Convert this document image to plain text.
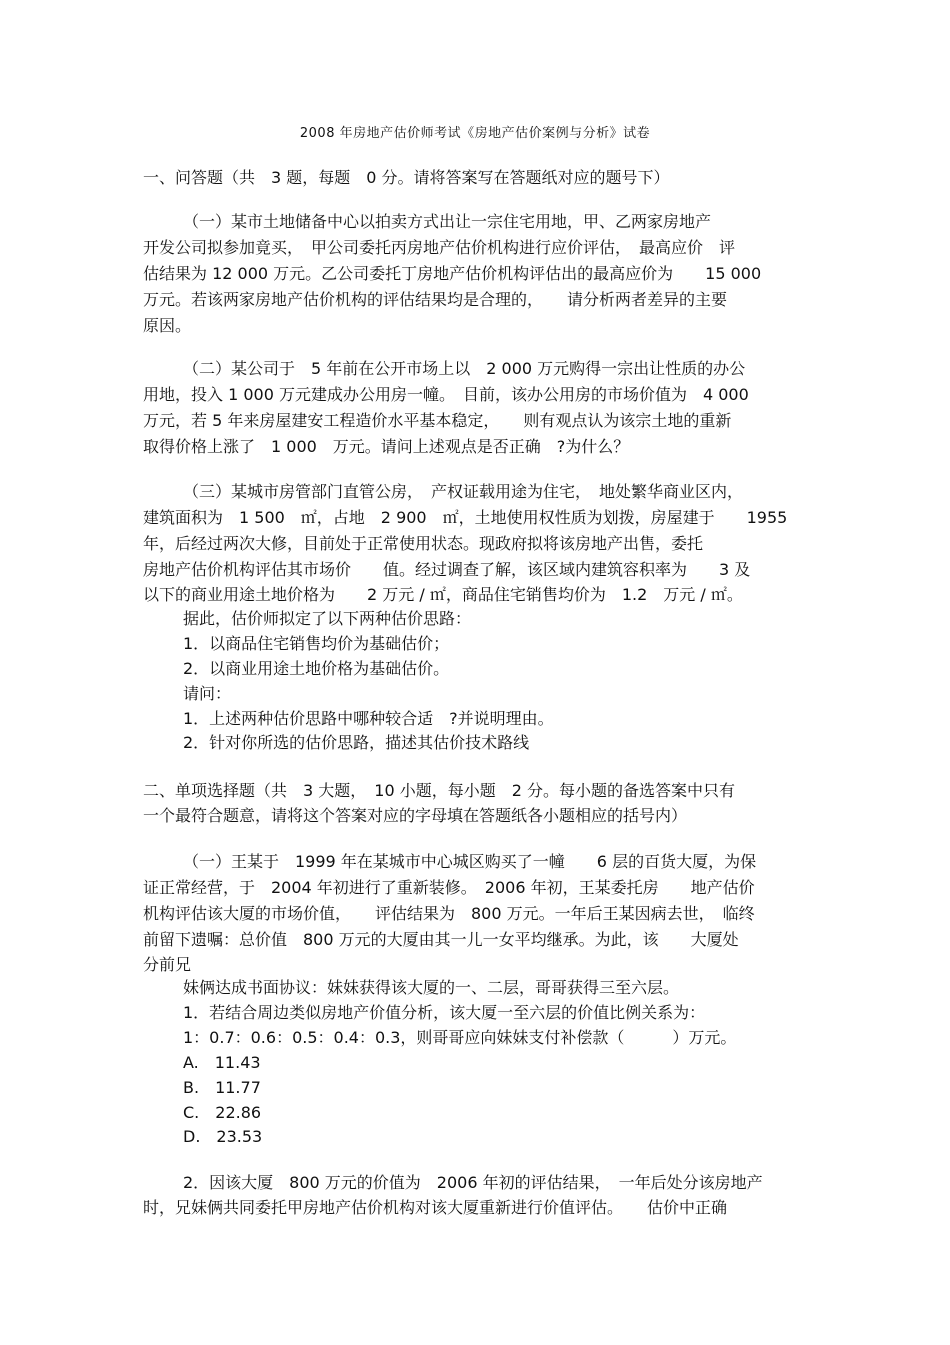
2008 年房地产估价师考试《房地产估价案例与分析》试卷
一、问答题（共　3 题，每题　0 分。请将答案写在答题纸对应的题号下）
（一）某市土地储备中心以拍卖方式出让一宗住宅用地，甲、乙两家房地产
开发公司拟参加竟买，　甲公司委托丙房地产估价机构进行应价评估，　最高应价　评
估结果为 12 000 万元。乙公司委托丁房地产估价机构评估出的最高应价为　　15 000
万元。若该两家房地产估价机构的评估结果均是合理的，　　请分析两者差异的主要
原因。
（二）某公司于　5 年前在公开市场上以　2 000 万元购得一宗出让性质的办公
用地，投入 1 000 万元建成办公用房一幢。　目前，该办公用房的市场价值为　4 000
万元，若 5 年来房屋建安工程造价水平基本稳定，　　则有观点认为该宗土地的重新
取得价格上涨了　1 000　万元。请问上述观点是否正确　?为什么？
（三）某城市房管部门直管公房，　产权证载用途为住宅，　地处繁华商业区内，
建筑面积为　1 500　㎡，占地　2 900　㎡，土地使用权性质为划拨，房屋建于　　1955
年，后经过两次大修，目前处于正常使用状态。现政府拟将该房地产出售，委托
房地产估价机构评估其市场价　　值。经过调查了解，该区域内建筑容积率为　　3 及
以下的商业用途土地价格为　　2 万元 / ㎡，商品住宅销售均价为　1.2　万元 / ㎡。
据此，估价师拟定了以下两种估价思路：
1．以商品住宅销售均价为基础估价；
2．以商业用途土地价格为基础估价。
请问：
1．上述两种估价思路中哪种较合适　?并说明理由。
2．针对你所选的估价思路，描述其估价技术路线
二、单项选择题（共　3 大题，　10 小题，每小题　2 分。每小题的备选答案中只有
一个最符合题意，请将这个答案对应的字母填在答题纸各小题相应的括号内）
（一）王某于　1999 年在某城市中心城区购买了一幢　　6 层的百货大厦，为保
证正常经营，于　2004 年初进行了重新装修。　2006 年初，王某委托房　　地产估价
机构评估该大厦的市场价值，　　评估结果为　800 万元。一年后王某因病去世，　临终
前留下遗嘱：总价值　800 万元的大厦由其一儿一女平均继承。为此，该　　大厦处
分前兄
妹俩达成书面协议：妹妹获得该大厦的一、二层，哥哥获得三至六层。
1．若结合周边类似房地产价值分析，该大厦一至六层的价值比例关系为：
1：0.7：0.6：0.5：0.4：0.3，则哥哥应向妹妹支付补偿款（　　　）万元。
A.　11.43
B.　11.77
C.　22.86
D.　23.53
2．因该大厦　800 万元的价值为　2006 年初的评估结果，　一年后处分该房地产
时，兄妹俩共同委托甲房地产估价机构对该大厦重新进行价值评估。　　估价中正确
